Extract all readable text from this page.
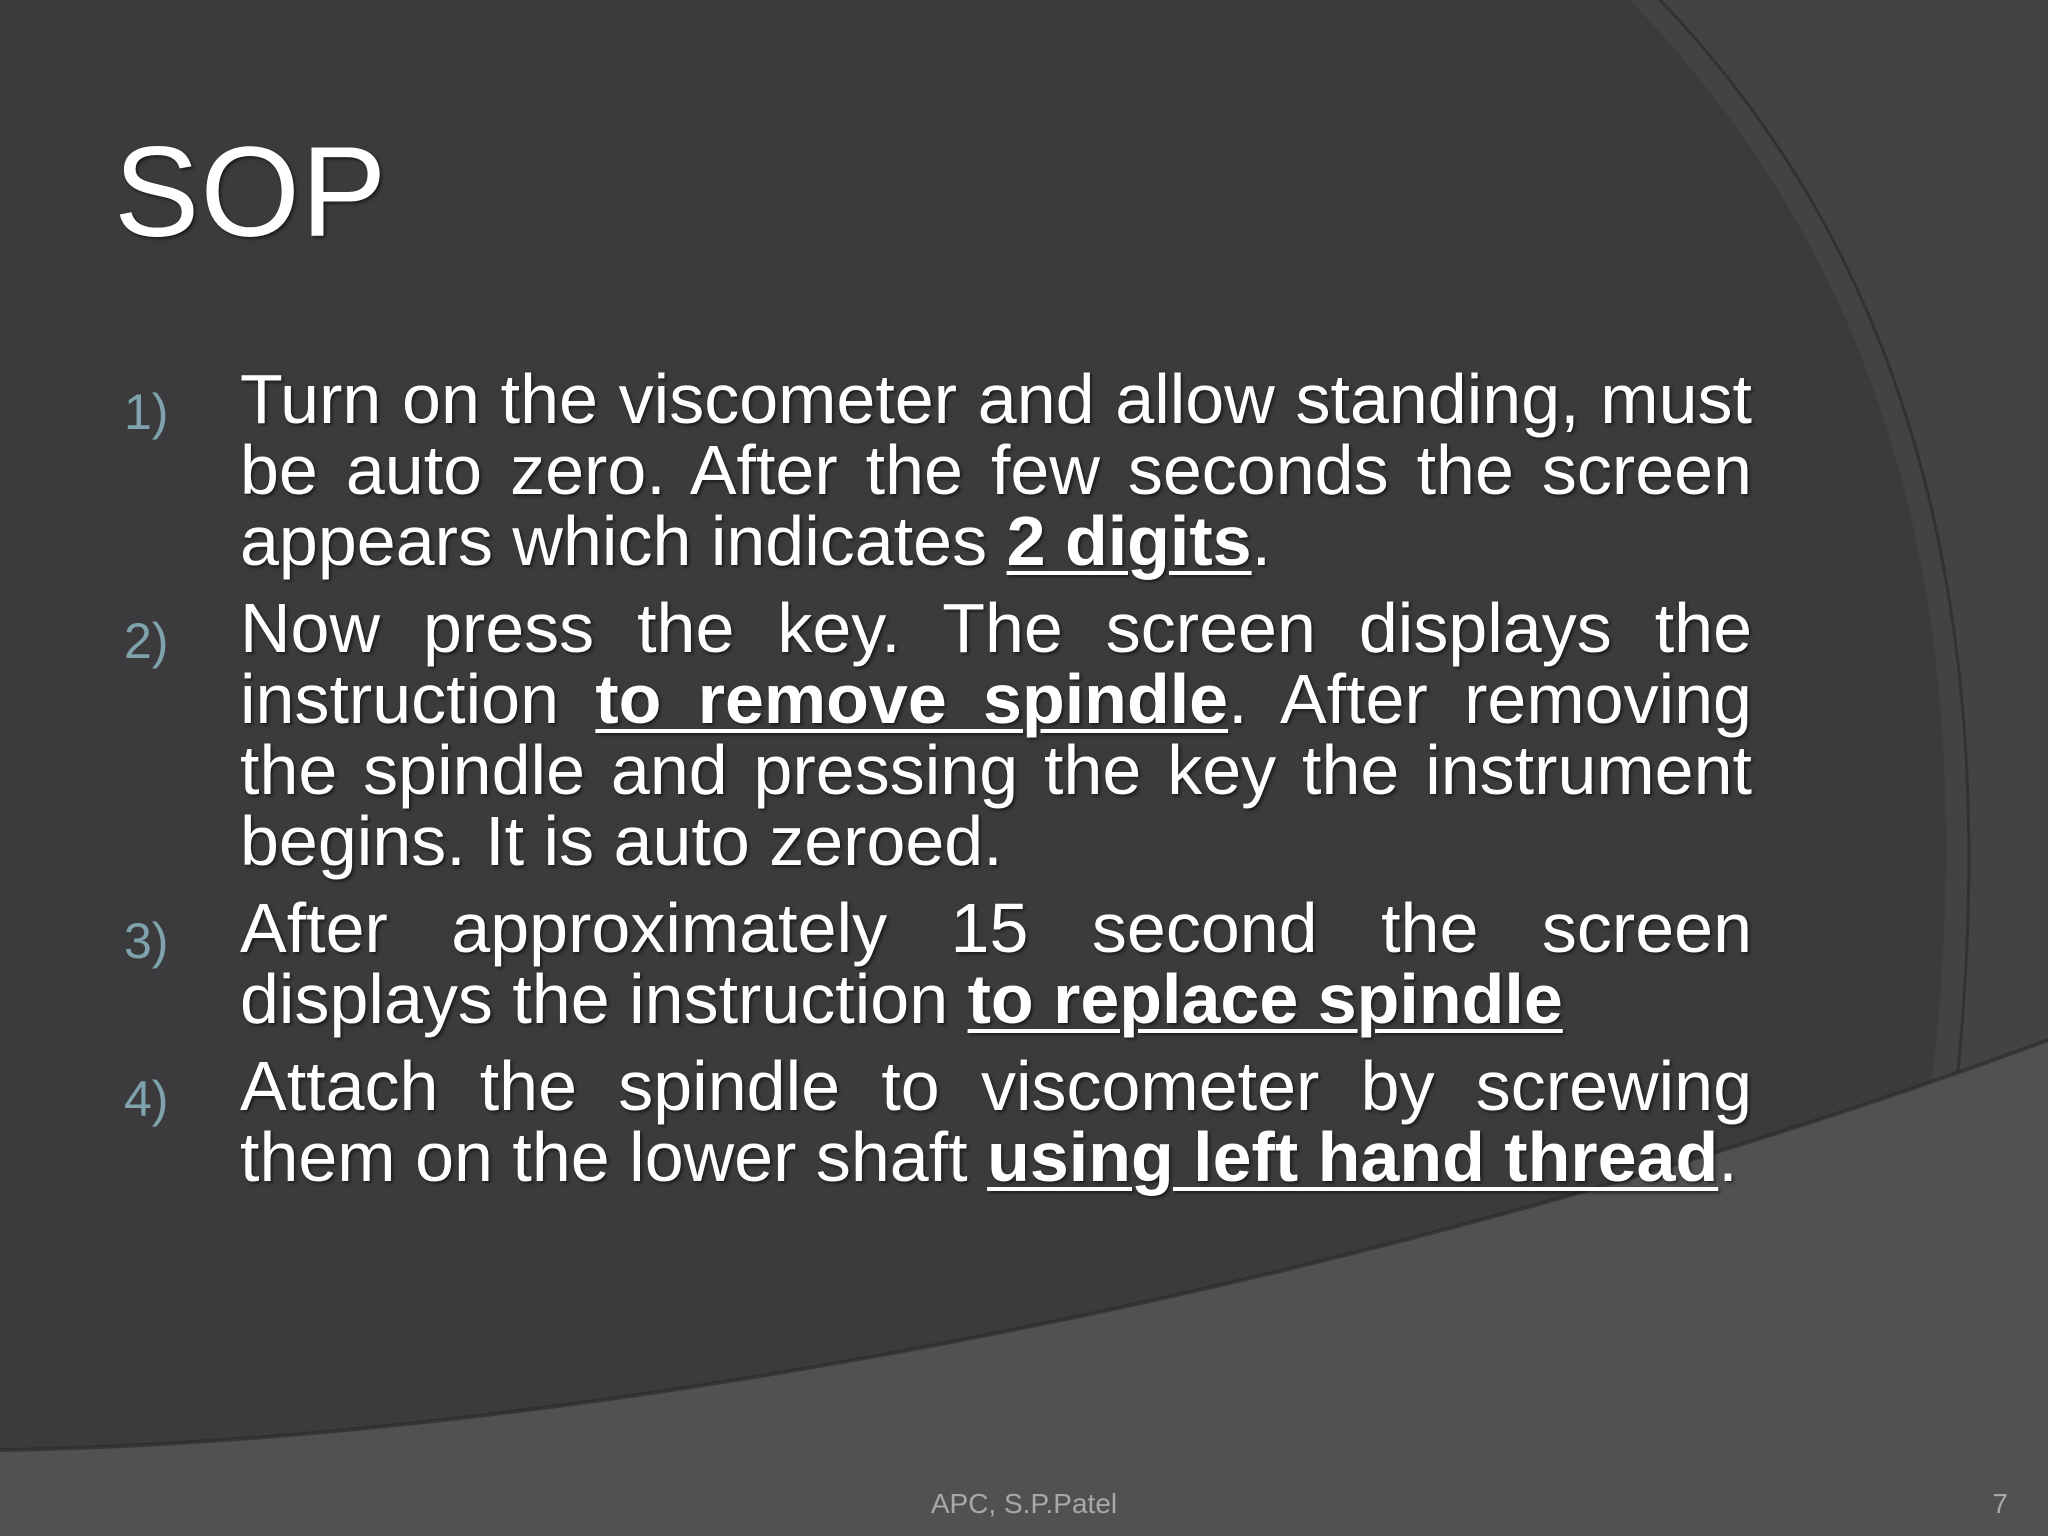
SOP
1) Turn on the viscometer and allow standing, must be auto zero. After the few seconds the screen appears which indicates 2 digits.
2) Now press the key. The screen displays the instruction to remove spindle. After removing the spindle and pressing the key the instrument begins. It is auto zeroed.
3) After approximately 15 second the screen displays the instruction to replace spindle
4) Attach the spindle to viscometer by screwing them on the lower shaft using left hand thread.
APC, S.P.Patel	7
